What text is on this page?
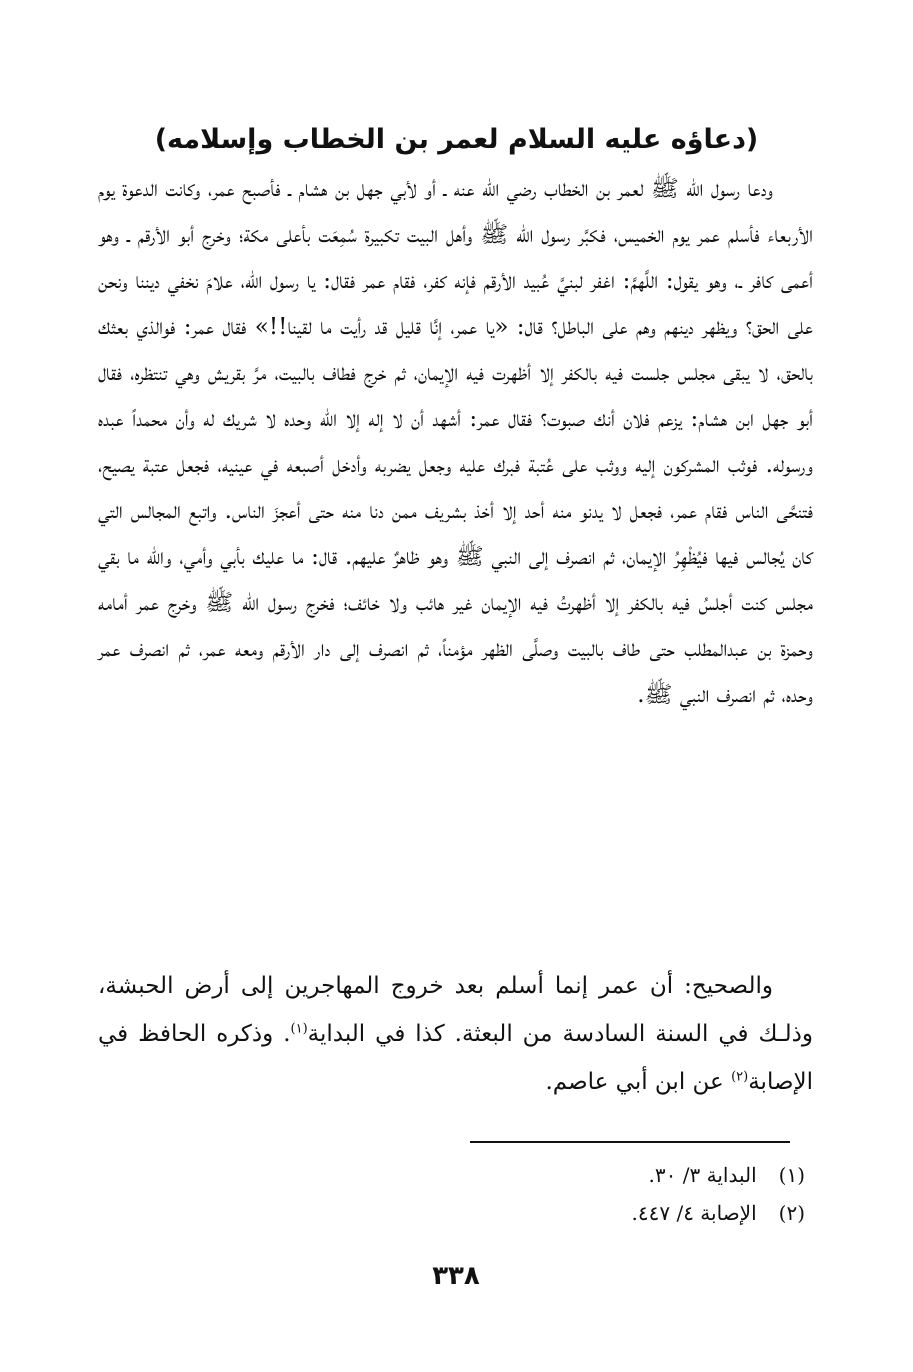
(دعاؤه عليه السلام لعمر بن الخطاب وإسلامه)

ودعا رسول الله ﷺ لعمر بن الخطاب رضي الله عنه ـ أو لأبي جهل بن هشام ـ فأصبح عمر، وكانت الدعوة يوم الأربعاء فأسلم عمر يوم الخميس، فكبَّر رسول الله ﷺ وأهل البيت تكبيرة سُمِعَت بأعلى مكة؛ وخرج أبو الأرقم ـ وهو أعمى كافر ـ، وهو يقول: اللَّهمَّ: اغفر لبنيَّ عُبيد الأرقم فإنه كفر، فقام عمر فقال: يا رسول الله، علامَ نخفي ديننا ونحن على الحق؟ ويظهر دينهم وهم على الباطل؟ قال: «يا عمر، إنَّا قليل قد رأيت ما لقينا!!» فقال عمر: فوالذي بعثك بالحق، لا يبقى مجلس جلست فيه بالكفر إلا أظهرت فيه الإيمان، ثم خرج فطاف بالبيت، مرَّ بقريش وهي تنتظره، فقال أبو جهل ابن هشام: يزعم فلان أنك صبوت؟ فقال عمر: أشهد أن لا إله إلا الله وحده لا شريك له وأن محمداً عبده ورسوله. فوثب المشركون إليه ووثب على عُتبة فبرك عليه وجعل يضربه وأدخل أصبعه في عينيه، فجعل عتبة يصيح، فتنحَّى الناس فقام عمر، فجعل لا يدنو منه أحد إلا أخذ بشريف ممن دنا منه حتى أعجزَ الناس. واتبع المجالس التي كان يُجالس فيها فيُظْهِرُ الإيمان، ثم انصرف إلى النبي ﷺ وهو ظاهرٌ عليهم. قال: ما عليك بأبي وأمي، والله ما بقي مجلس كنت أجلسُ فيه بالكفر إلا أظهرتُ فيه الإيمان غير هائب ولا خائف؛ فخرج رسول الله ﷺ وخرج عمر أمامه وحمزة بن عبدالمطلب حتى طاف بالبيت وصلَّى الظهر مؤمناً، ثم انصرف إلى دار الأرقم ومعه عمر، ثم انصرف عمر وحده، ثم انصرف النبي ﷺ.

والصحيح: أن عمر إنما أسلم بعد خروج المهاجرين إلى أرض الحبشة، وذلـك في السنة السادسة من البعثة. كذا في البداية$^{(١)}$. وذكره الحافظ في الإصابة$^{(٢)}$ عن ابن أبي عاصم.

(١) البداية ٣/ ٣٠.
(٢) الإصابة ٤/ ٤٤٧.
٣٣٨
